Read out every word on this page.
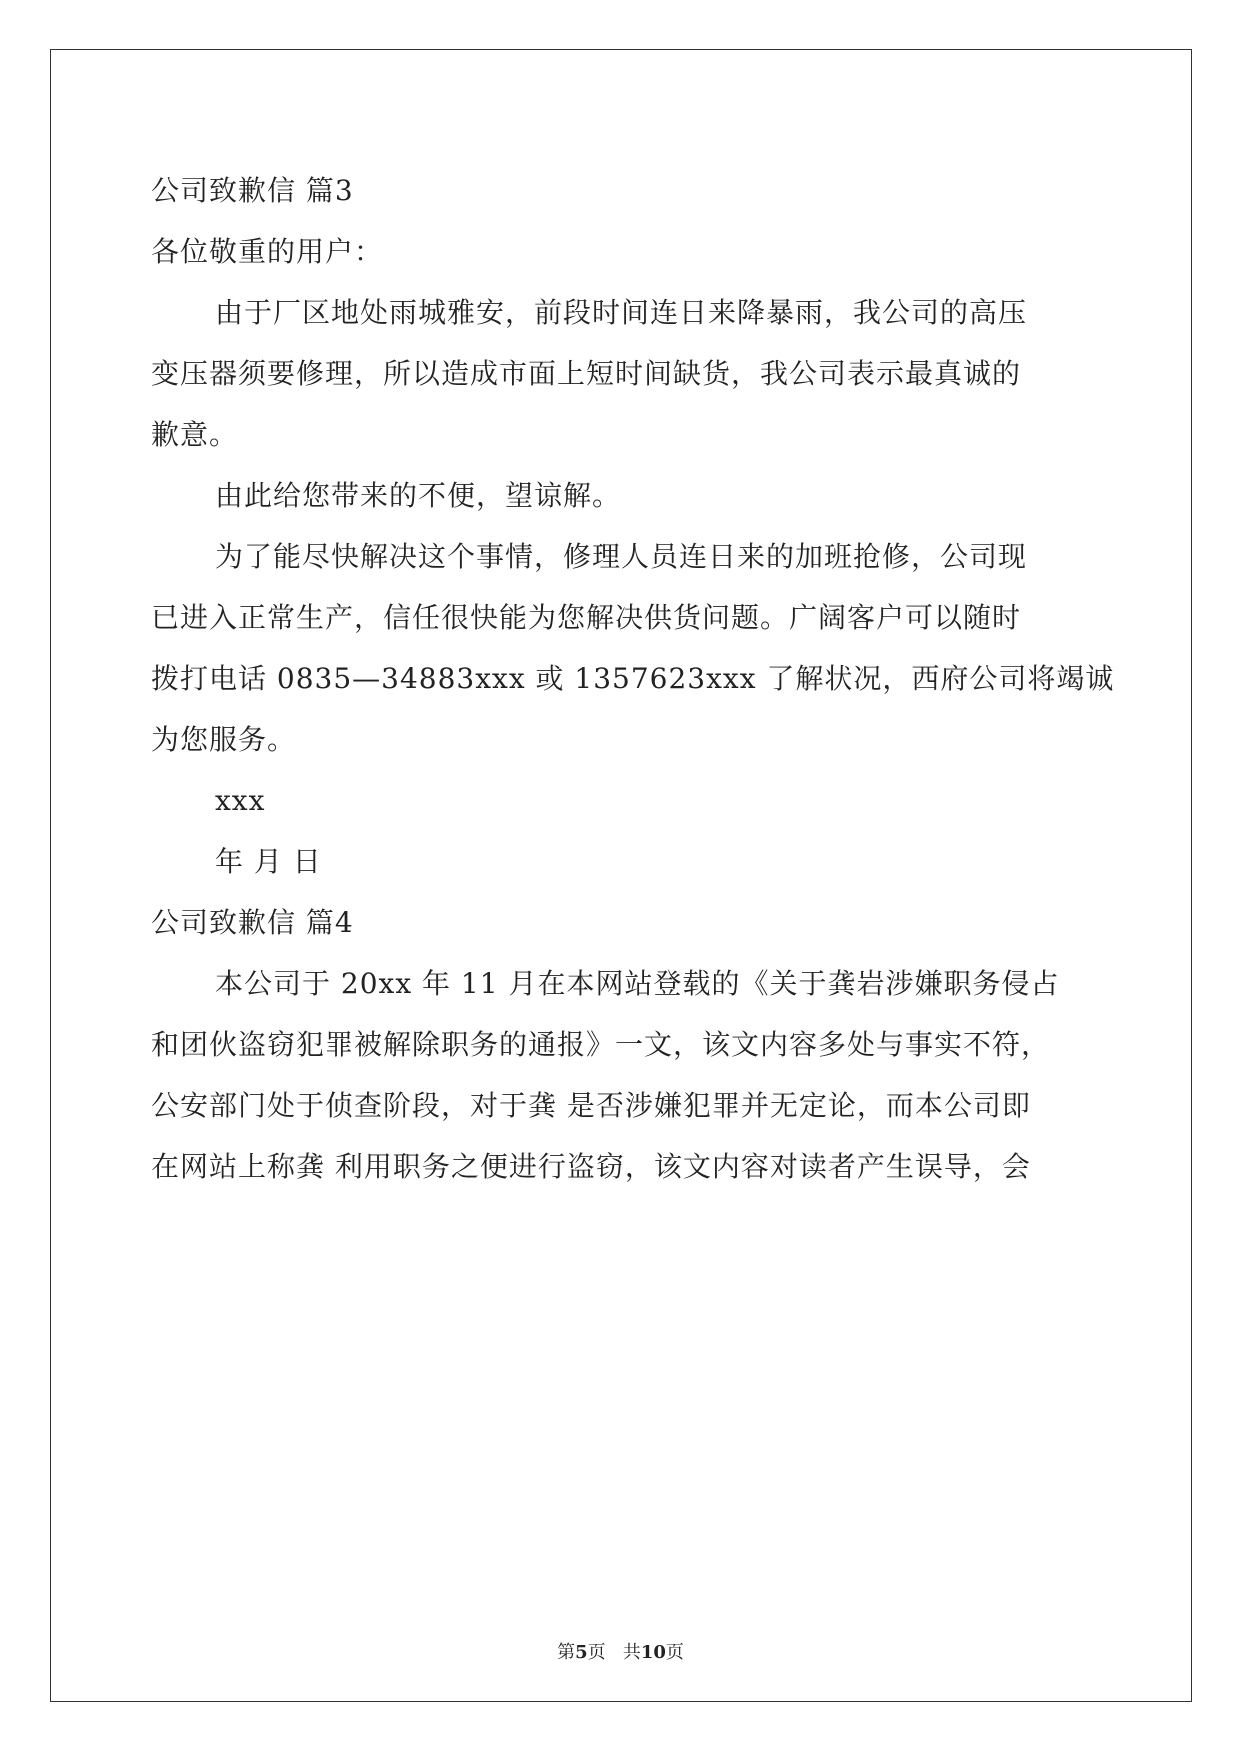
公司致歉信 篇3
各位敬重的用户：
由于厂区地处雨城雅安，前段时间连日来降暴雨，我公司的高压
变压器须要修理，所以造成市面上短时间缺货，我公司表示最真诚的
歉意。
由此给您带来的不便，望谅解。
为了能尽快解决这个事情，修理人员连日来的加班抢修，公司现
已进入正常生产，信任很快能为您解决供货问题。广阔客户可以随时
拨打电话 0835—34883xxx 或 1357623xxx 了解状况，西府公司将竭诚
为您服务。
xxx
年 月 日
公司致歉信 篇4
本公司于 20xx 年 11 月在本网站登载的《关于龚岩涉嫌职务侵占
和团伙盗窃犯罪被解除职务的通报》一文，该文内容多处与事实不符，
公安部门处于侦查阶段，对于龚 是否涉嫌犯罪并无定论，而本公司即
在网站上称龚 利用职务之便进行盗窃，该文内容对读者产生误导，会
第5页 共10页
